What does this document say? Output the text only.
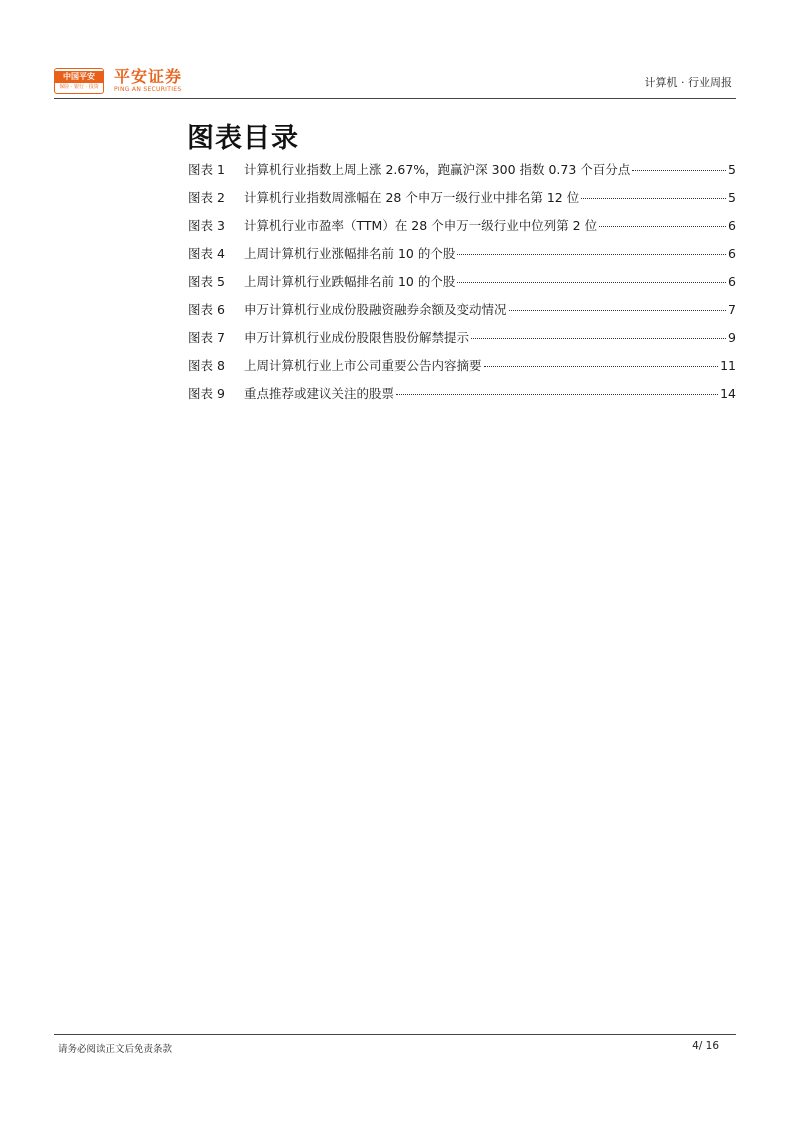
中国平安
保险 · 银行 · 投资
平安证券
PING AN SECURITIES
计算机 · 行业周报
图表目录
图表 1	计算机行业指数上周上涨 2.67%，跑赢沪深 300 指数 0.73 个百分点	5
图表 2	计算机行业指数周涨幅在 28 个申万一级行业中排名第 12 位	5
图表 3	计算机行业市盈率（TTM）在 28 个申万一级行业中位列第 2 位	6
图表 4	上周计算机行业涨幅排名前 10 的个股	6
图表 5	上周计算机行业跌幅排名前 10 的个股	6
图表 6	申万计算机行业成份股融资融券余额及变动情况	7
图表 7	申万计算机行业成份股限售股份解禁提示	9
图表 8	上周计算机行业上市公司重要公告内容摘要	11
图表 9	重点推荐或建议关注的股票	14
请务必阅读正文后免责条款	4/ 16
